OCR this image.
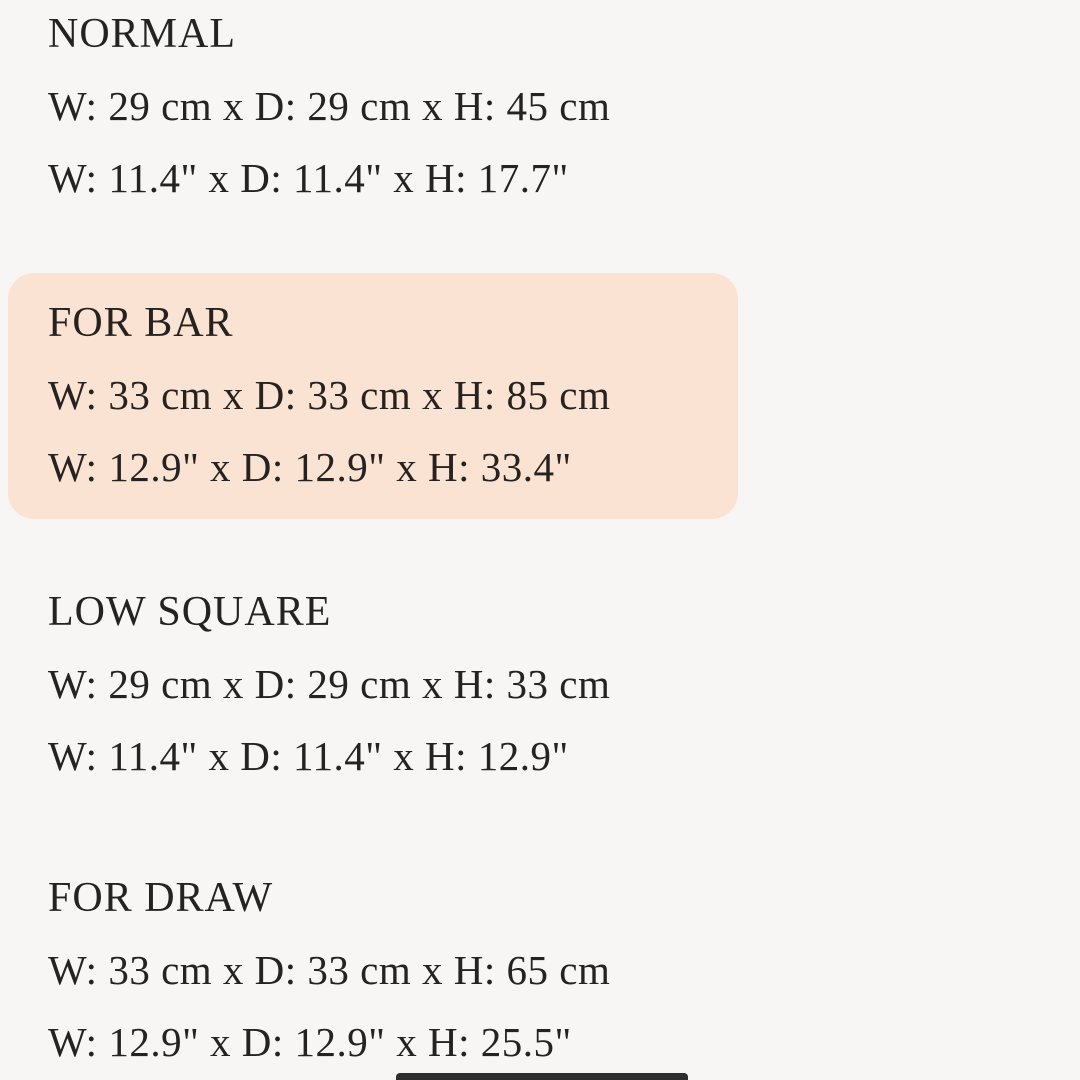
NORMAL

W: 29 cm x D: 29 cm x H: 45 cm

W: 11.4" x D: 11.4" x H: 17.7"

FOR BAR

W: 33 cm x D: 33 cm x H: 85 cm

W: 12.9" x D: 12.9" x H: 33.4"

LOW SQUARE

W: 29 cm x D: 29 cm x H: 33 cm

W: 11.4" x D: 11.4" x H: 12.9"

FOR DRAW

W: 33 cm x D: 33 cm x H: 65 cm

W: 12.9" x D: 12.9" x H: 25.5"
